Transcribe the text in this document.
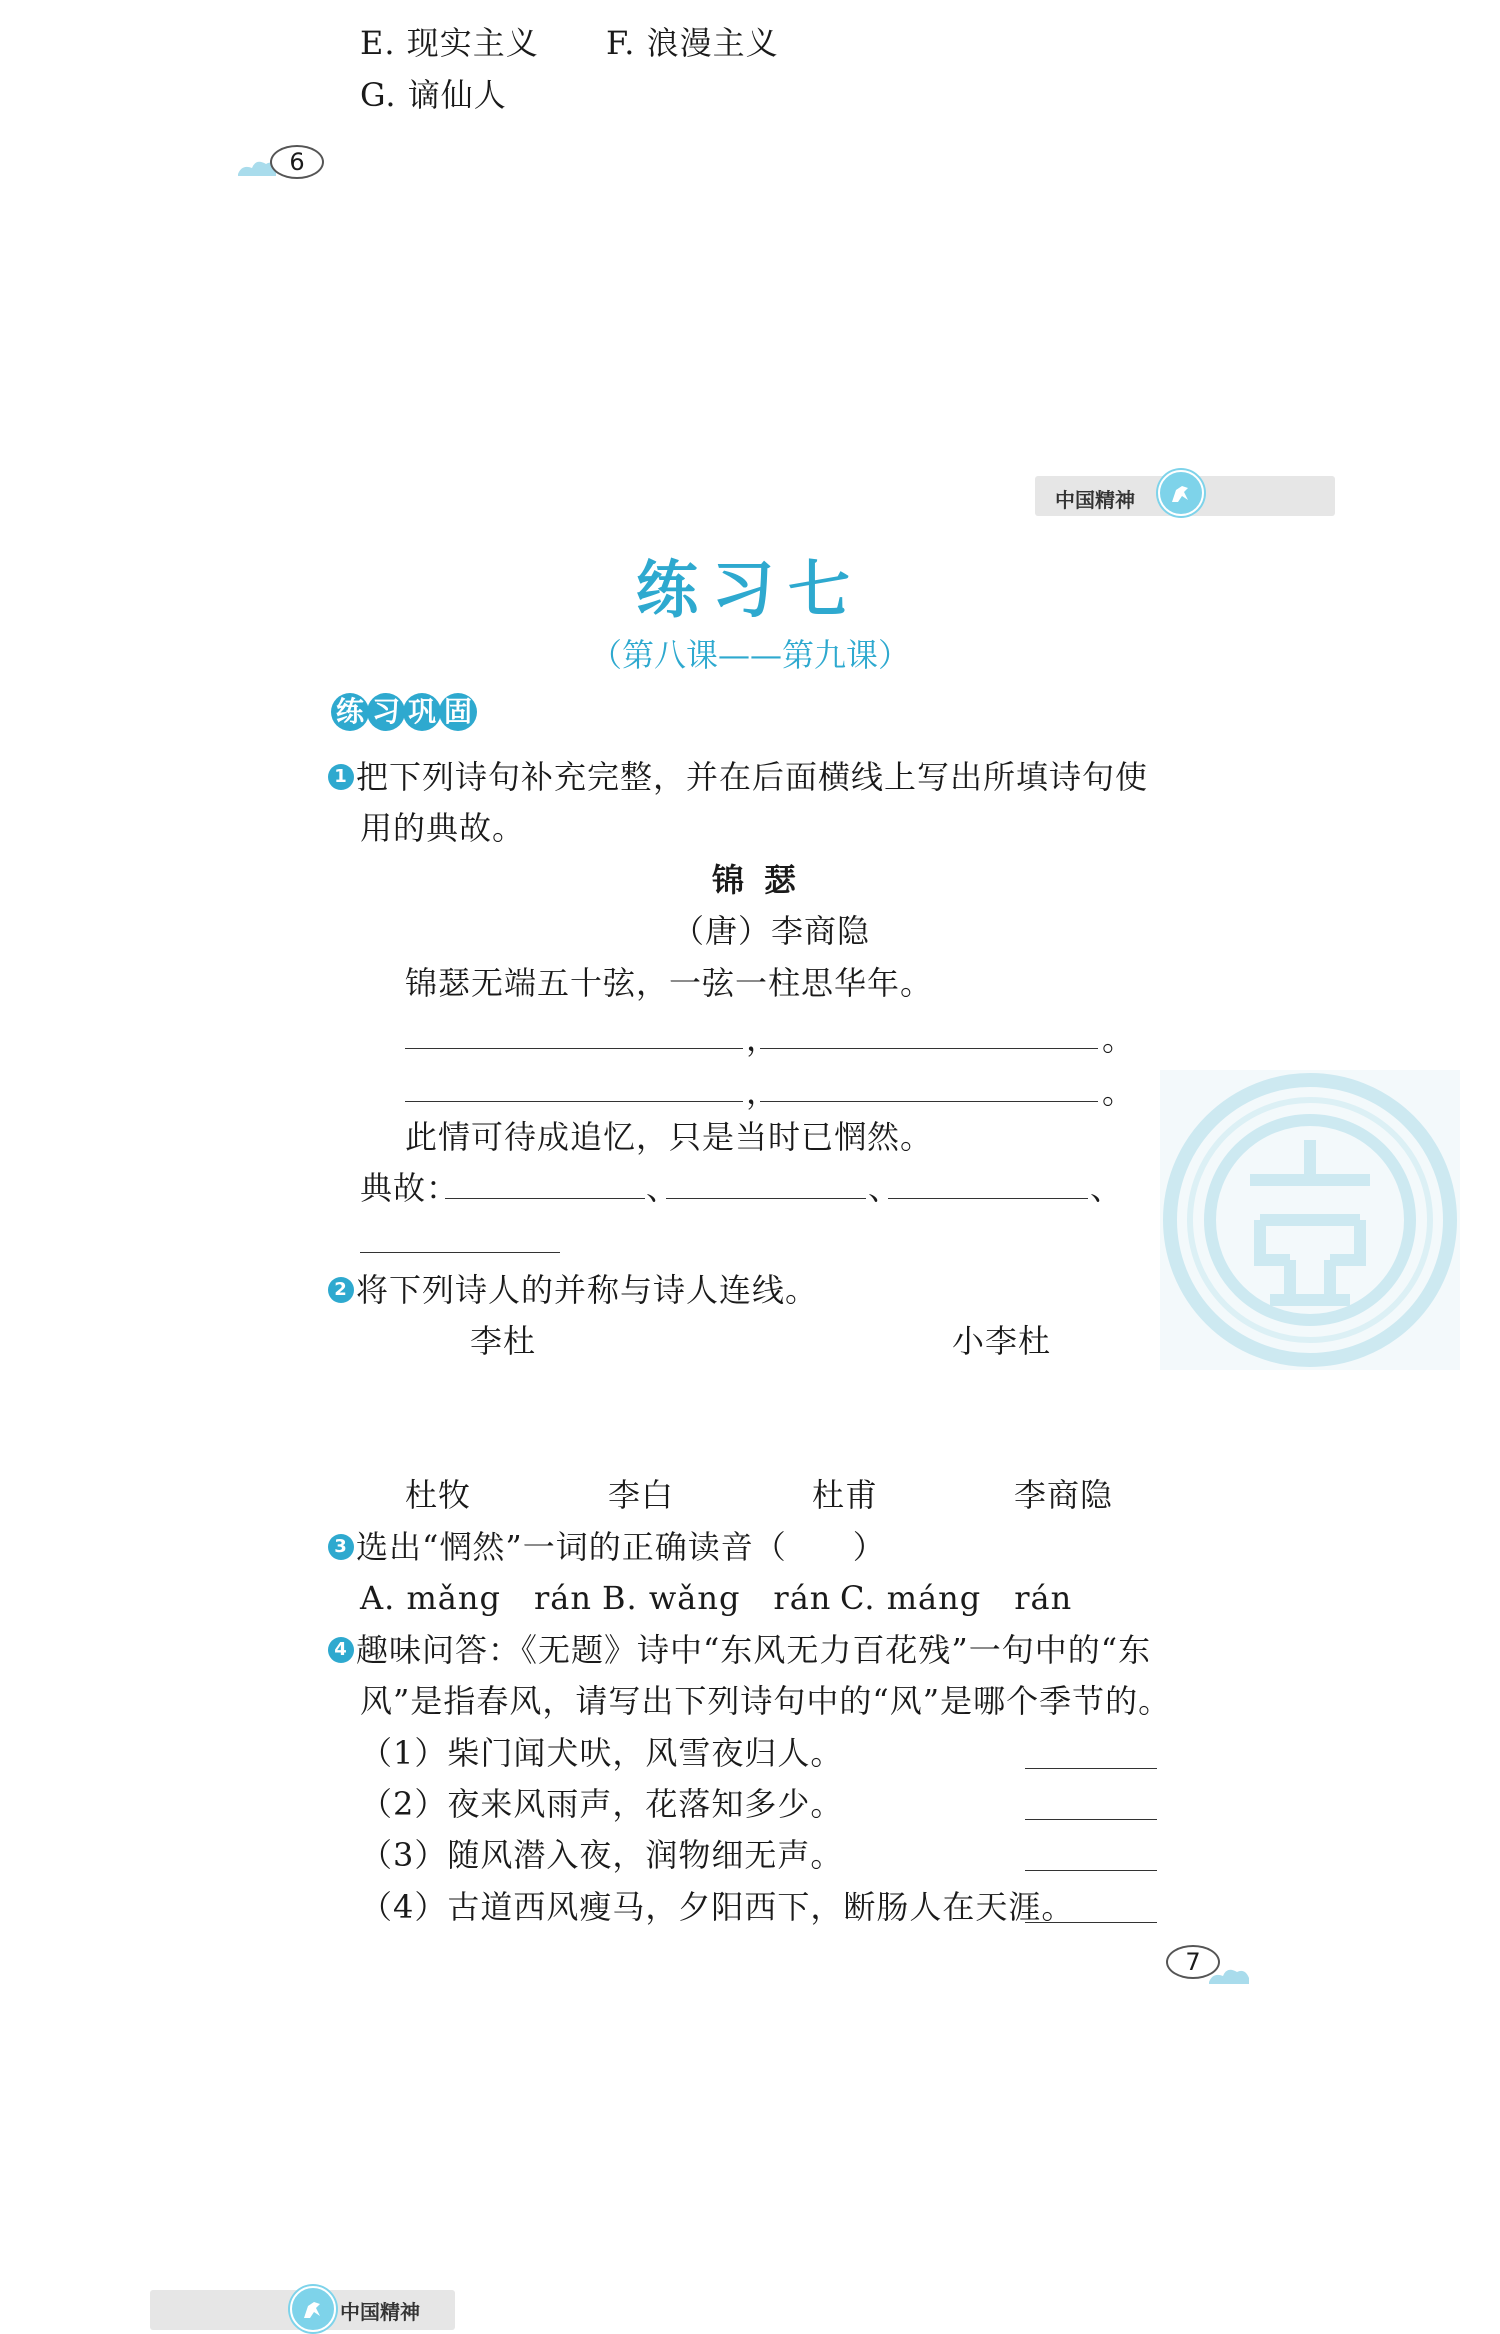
E. 现实主义 F. 浪漫主义
G. 谪仙人
6
中国精神
练习七
（第八课——第九课）
练 习 巩 固
1 把下列诗句补充完整，并在后面横线上写出所填诗句使
用的典故。
锦瑟
（唐）李商隐
锦瑟无端五十弦，一弦一柱思华年。
，	。
，	。
此情可待成追忆，只是当时已惘然。
典故：	、	、	、
2 将下列诗人的并称与诗人连线。
李杜	小李杜
杜牧	李白	杜甫	李商隐
3 选出“惘然”一词的正确读音（　　）
A. mǎng　rán B. wǎng　rán C. máng　rán
4 趣味问答：《无题》诗中“东风无力百花残”一句中的“东
风”是指春风，请写出下列诗句中的“风”是哪个季节的。
（1）柴门闻犬吠，风雪夜归人。
（2）夜来风雨声，花落知多少。
（3）随风潜入夜，润物细无声。
（4）古道西风瘦马，夕阳西下，断肠人在天涯。
7
中国精神
